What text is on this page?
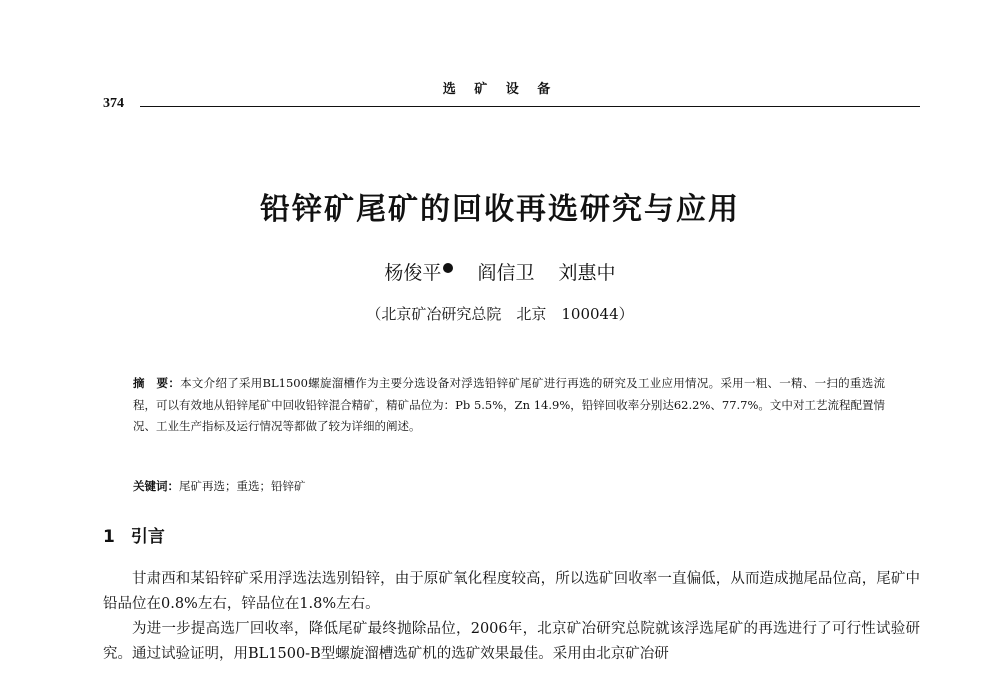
选 矿 设 备
374
铅锌矿尾矿的回收再选研究与应用
杨俊平 阎信卫 刘惠中
（北京矿冶研究总院　北京　100044）
摘　要：本文介绍了采用BL1500螺旋溜槽作为主要分选设备对浮选铅锌矿尾矿进行再选的研究及工业应用情况。采用一粗、一精、一扫的重选流程，可以有效地从铅锌尾矿中回收铅锌混合精矿，精矿品位为：Pb 5.5%，Zn 14.9%，铅锌回收率分别达62.2%、77.7%。文中对工艺流程配置情况、工业生产指标及运行情况等都做了较为详细的阐述。
关键词：尾矿再选；重选；铅锌矿
1 引言

甘肃西和某铅锌矿采用浮选法选别铅锌，由于原矿氧化程度较高，所以选矿回收率一直偏低，从而造成抛尾品位高，尾矿中铅品位在0.8%左右，锌品位在1.8%左右。

为进一步提高选厂回收率，降低尾矿最终抛除品位，2006年，北京矿冶研究总院就该浮选尾矿的再选进行了可行性试验研究。通过试验证明，用BL1500-B型螺旋溜槽选矿机的选矿效果最佳。采用由北京矿冶研
